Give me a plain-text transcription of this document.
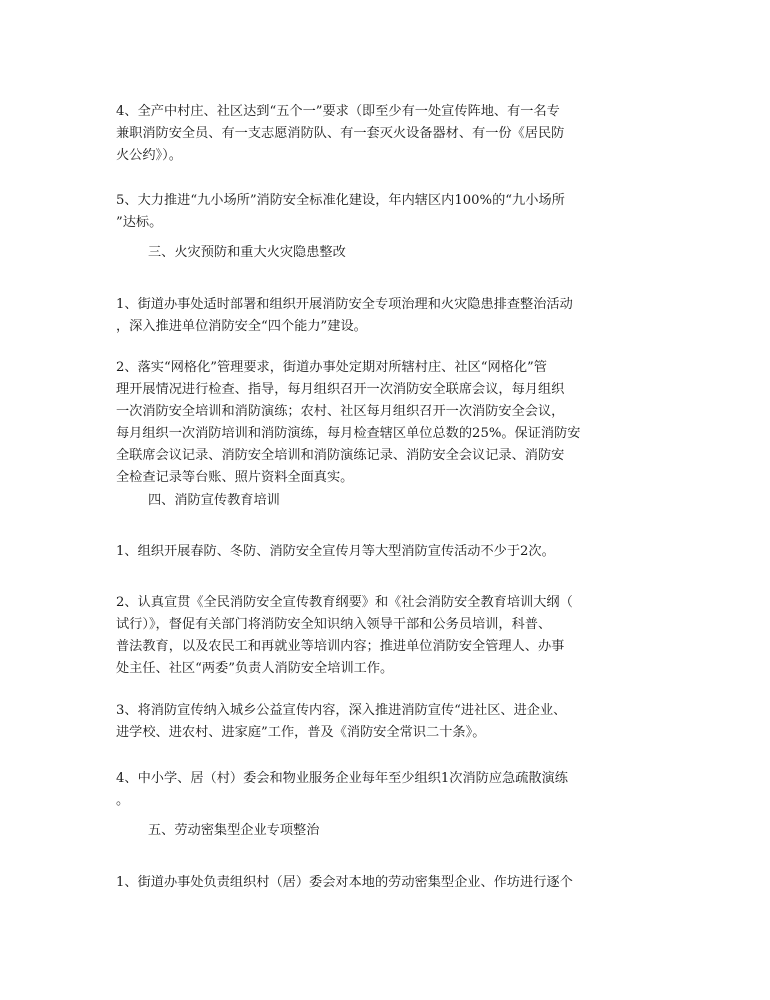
4、全产中村庄、社区达到“五个一”要求（即至少有一处宣传阵地、有一名专
兼职消防安全员、有一支志愿消防队、有一套灭火设备器材、有一份《居民防
火公约》）。

5、大力推进“九小场所”消防安全标准化建设，年内辖区内100%的“九小场所
”达标。

三、火灾预防和重大火灾隐患整改

1、街道办事处适时部署和组织开展消防安全专项治理和火灾隐患排查整治活动
，深入推进单位消防安全“四个能力”建设。

2、落实“网格化”管理要求，街道办事处定期对所辖村庄、社区“网格化”管
理开展情况进行检查、指导，每月组织召开一次消防安全联席会议，每月组织
一次消防安全培训和消防演练；农村、社区每月组织召开一次消防安全会议，
每月组织一次消防培训和消防演练，每月检查辖区单位总数的25%。保证消防安
全联席会议记录、消防安全培训和消防演练记录、消防安全会议记录、消防安
全检查记录等台账、照片资料全面真实。

四、消防宣传教育培训

1、组织开展春防、冬防、消防安全宣传月等大型消防宣传活动不少于2次。

2、认真宣贯《全民消防安全宣传教育纲要》和《社会消防安全教育培训大纲（
试行）》，督促有关部门将消防安全知识纳入领导干部和公务员培训，科普、
普法教育，以及农民工和再就业等培训内容；推进单位消防安全管理人、办事
处主任、社区“两委”负责人消防安全培训工作。

3、将消防宣传纳入城乡公益宣传内容，深入推进消防宣传“进社区、进企业、
进学校、进农村、进家庭”工作，普及《消防安全常识二十条》。

4、中小学、居（村）委会和物业服务企业每年至少组织1次消防应急疏散演练
。

五、劳动密集型企业专项整治

1、街道办事处负责组织村（居）委会对本地的劳动密集型企业、作坊进行逐个
